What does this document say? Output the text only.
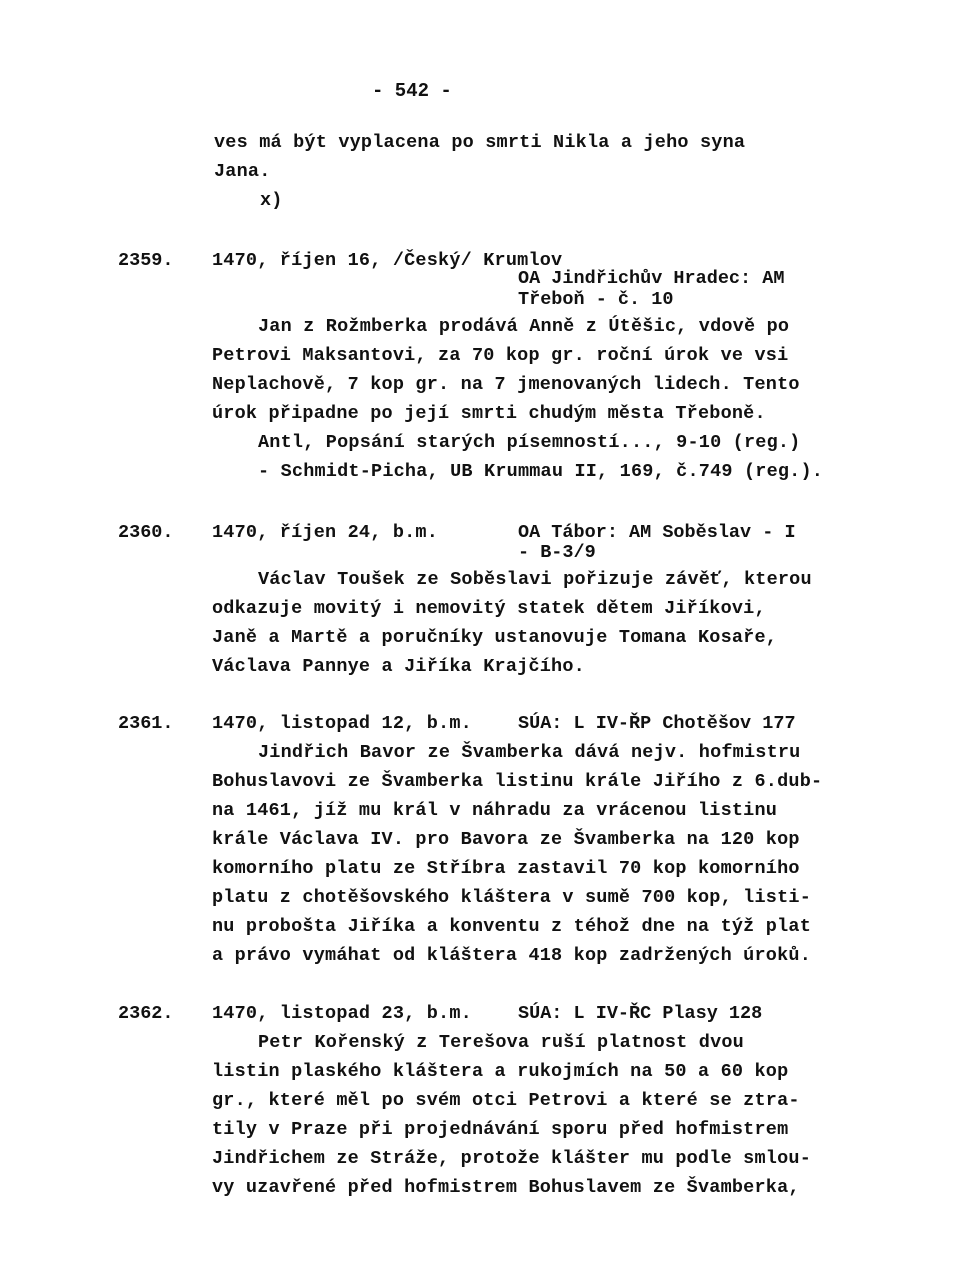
- 542 -
ves má být vyplacena po smrti Nikla a jeho syna
Jana.
x)
2359. 1470, říjen 16, /Český/ Krumlov
OA Jindřichův Hradec: AM
Třeboň - č. 10
Jan z Rožmberka prodává Anně z Útěšic, vdově po
Petrovi Maksantovi, za 70 kop gr. roční úrok ve vsi
Neplachově, 7 kop gr. na 7 jmenovaných lidech. Tento
úrok připadne po její smrti chudým města Třeboně.
Antl, Popsání starých písemností..., 9-10 (reg.)
- Schmidt-Picha, UB Krummau II, 169, č.749 (reg.).
2360. 1470, říjen 24, b.m.	OA Tábor: AM Soběslav - I
- B-3/9
Václav Toušek ze Soběslavi pořizuje závěť, kterou
odkazuje movitý i nemovitý statek dětem Jiříkovi,
Janě a Martě a poručníky ustanovuje Tomana Kosaře,
Václava Pannye a Jiříka Krajčího.
2361. 1470, listopad 12, b.m. SÚA: L IV-ŘP Chotěšov 177
Jindřich Bavor ze Švamberka dává nejv. hofmistru
Bohuslavovi ze Švamberka listinu krále Jiřího z 6.dub-
na 1461, jíž mu král v náhradu za vrácenou listinu
krále Václava IV. pro Bavora ze Švamberka na 120 kop
komorního platu ze Stříbra zastavil 70 kop komorního
platu z chotěšovského kláštera v sumě 700 kop, listi-
nu probošta Jiříka a konventu z téhož dne na týž plat
a právo vymáhat od kláštera 418 kop zadržených úroků.
2362. 1470, listopad 23, b.m. SÚA: L IV-ŘC Plasy 128
Petr Kořenský z Terešova ruší platnost dvou
listin plaského kláštera a rukojmích na 50 a 60 kop
gr., které měl po svém otci Petrovi a které se ztra-
tily v Praze při projednávání sporu před hofmistrem
Jindřichem ze Stráže, protože klášter mu podle smlou-
vy uzavřené před hofmistrem Bohuslavem ze Švamberka,
